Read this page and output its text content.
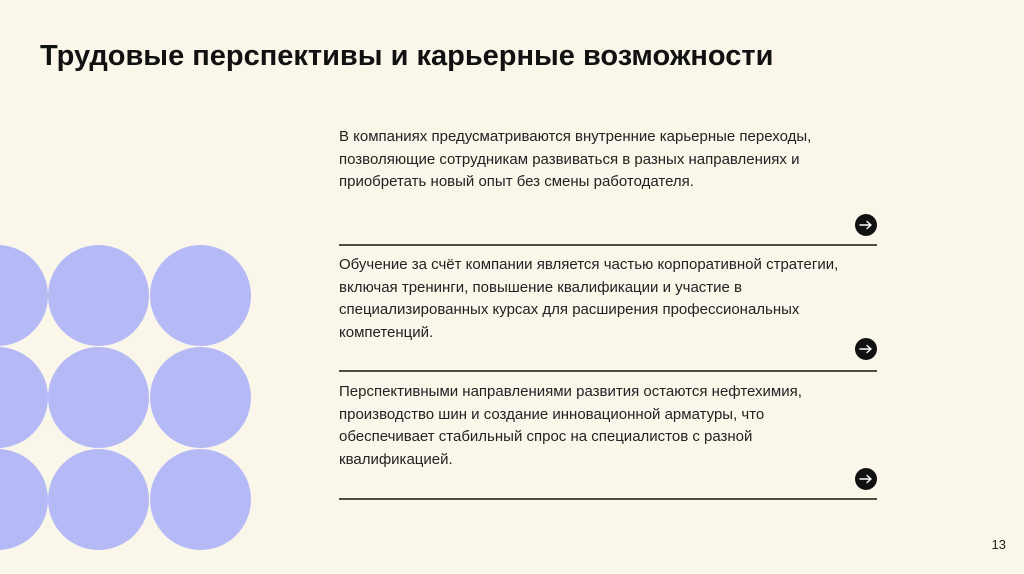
Трудовые перспективы и карьерные возможности
В компаниях предусматриваются внутренние карьерные переходы, позволяющие сотрудникам развиваться в разных направлениях и приобретать новый опыт без смены работодателя.
Обучение за счёт компании является частью корпоративной стратегии, включая тренинги, повышение квалификации и участие в специализированных курсах для расширения профессиональных компетенций.
Перспективными направлениями развития остаются нефтехимия, производство шин и создание инновационной арматуры, что обеспечивает стабильный спрос на специалистов с разной квалификацией.
13
